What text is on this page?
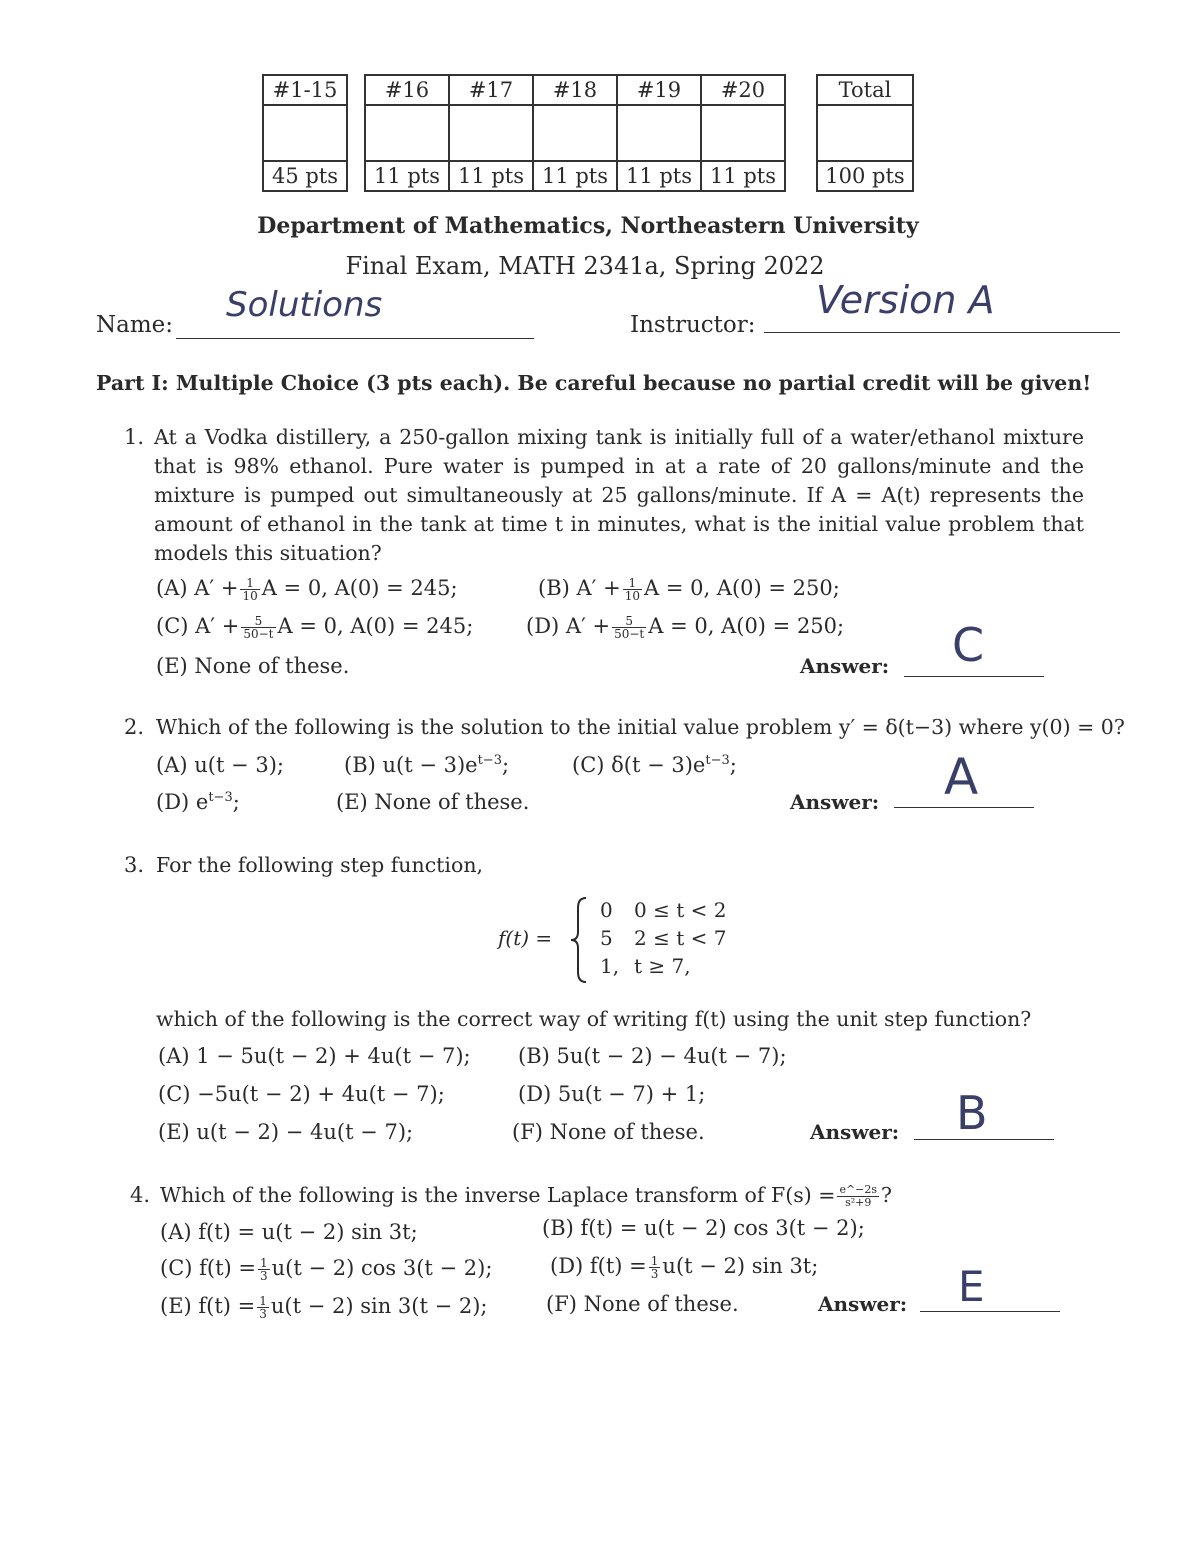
#1-15

45 pts
#16	#17	#18	#19	#20

11 pts	11 pts	11 pts	11 pts	11 pts
Total

100 pts
Department of Mathematics, Northeastern University
Final Exam, MATH 2341a, Spring 2022
Name: Solutions	Instructor:
Version A
Part I: Multiple Choice (3 pts each). Be careful because no partial credit will be given!
1. At a Vodka distillery, a 250-gallon mixing tank is initially full of a water/ethanol mixture that is 98% ethanol. Pure water is pumped in at a rate of 20 gallons/minute and the mixture is pumped out simultaneously at 25 gallons/minute. If A = A(t) represents the amount of ethanol in the tank at time t in minutes, what is the initial value problem that models this situation?
(A) $A' + \frac{1}{10}$ A = 0, A(0) = 245;	(B) $A' + \frac{1}{10}$ A = 0, A(0) = 250;
(C) $A' + \frac{5}{50-t}$ A = 0, A(0) = 245;	(D) $A' + \frac{5}{50-t}$ A = 0, A(0) = 250;
(E) None of these.	Answer: C
2. Which of the following is the solution to the initial value problem y′ = δ(t−3) where y(0) = 0?
(A) u(t − 3);	(B) $u(t - 3)e^{t-3}$;	(C) $\delta(t - 3)e^{t-3}$;
(D) $e^{t-3}$;	(E) None of these.	Answer: A
3. For the following step function,
f(t) =
0 0 ≤ t < 2
5 2 ≤ t < 7
1, t ≥ 7,
which of the following is the correct way of writing f(t) using the unit step function?
(A) 1 − 5u(t − 2) + 4u(t − 7); (B) 5u(t − 2) − 4u(t − 7);
(C) −5u(t − 2) + 4u(t − 7);	(D) 5u(t − 7) + 1;
(E) u(t − 2) − 4u(t − 7);	(F) None of these.	Answer: B
4. Which of the following is the inverse Laplace transform of $F(s) = \frac{e\^{}-2s}{\text{s²+9}}$ ?
(A) f(t) = u(t − 2) sin 3t;	(B) f(t) = u(t − 2) cos 3(t − 2);
(C) $f(t) = \frac{1}{3} u(t - 2)$ cos 3(t − 2);	(D) $f(t) = \frac{1}{3} u(t - 2)$ sin 3t;
(E) $f(t) = \frac{1}{3} u(t - 2)$ sin 3(t − 2);	(F) None of these.	Answer: E
